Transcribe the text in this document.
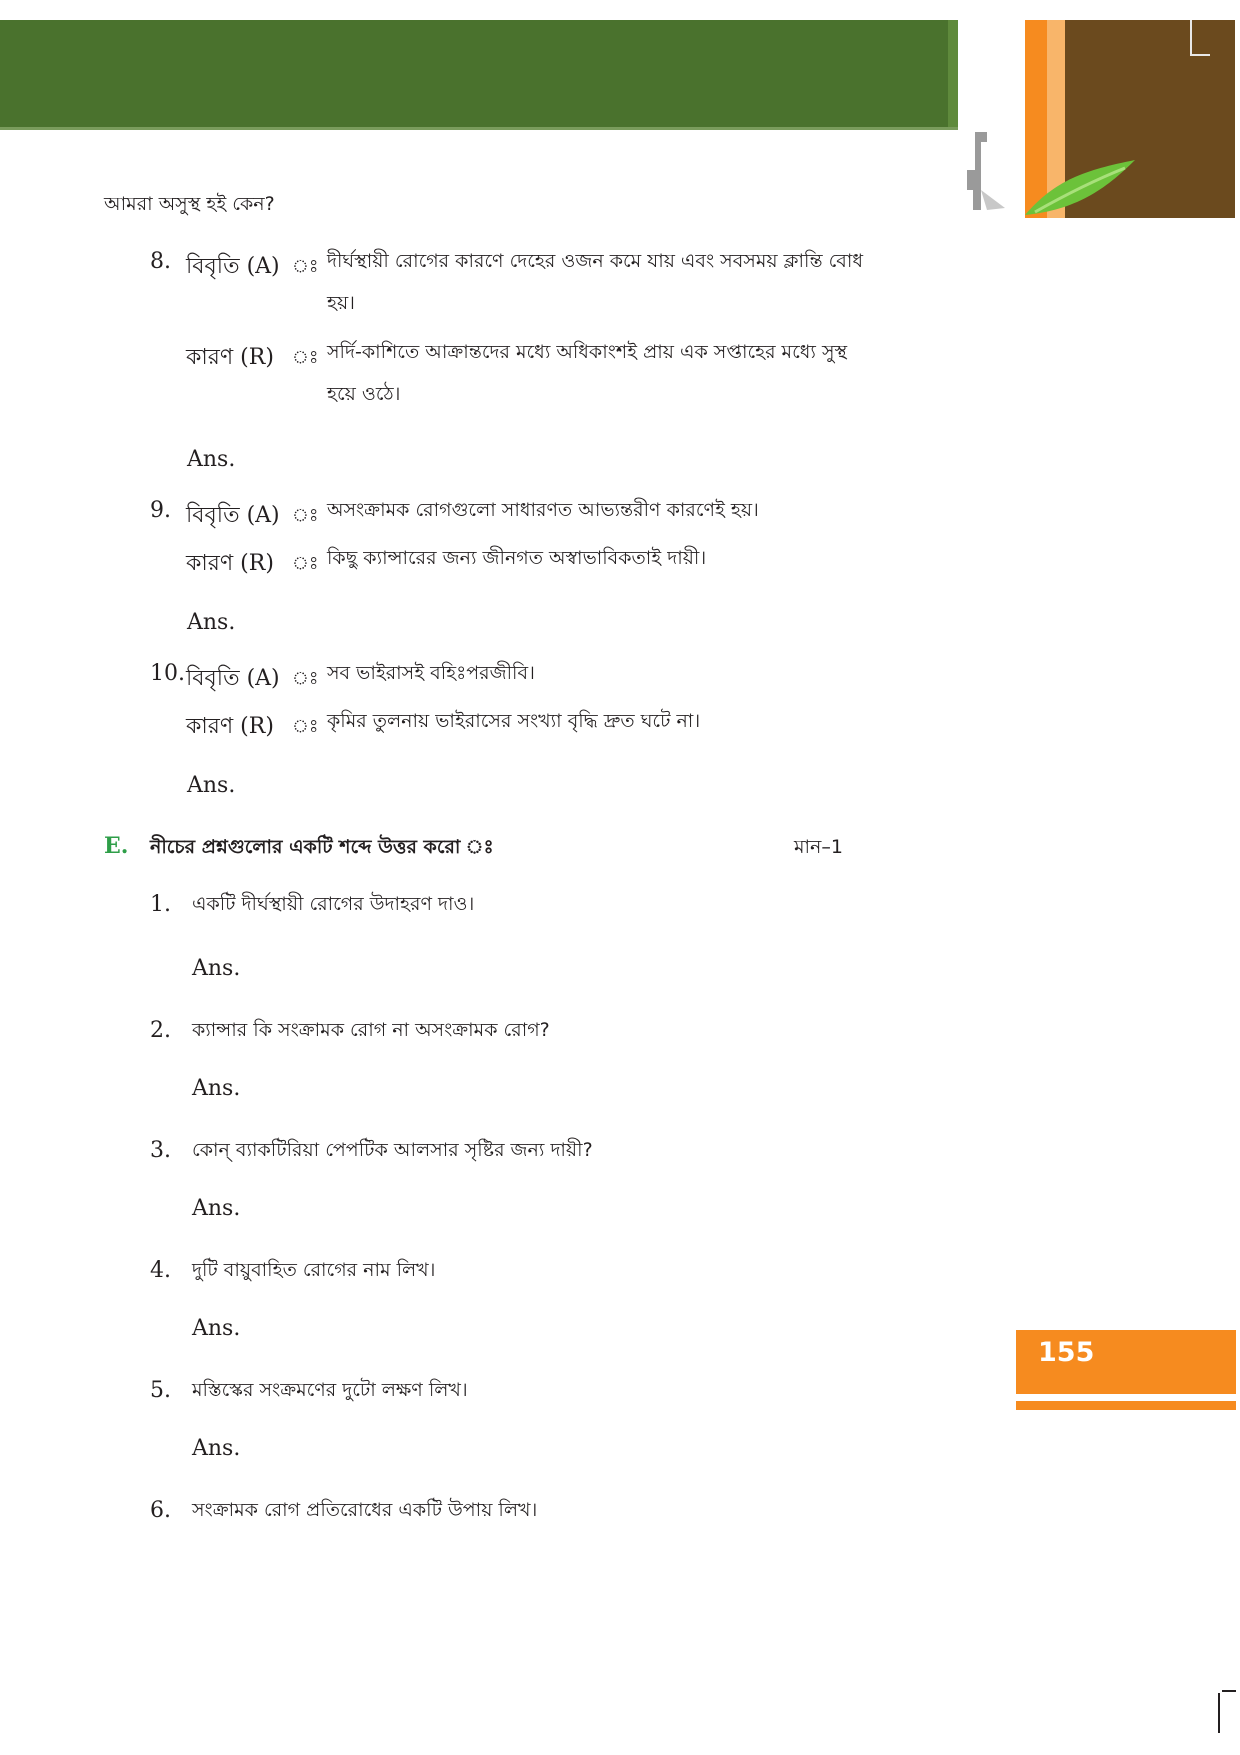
আমরা অসুস্থ হই কেন?
8. বিবৃতি (A) ঃ দীর্ঘস্থায়ী রোগের কারণে দেহের ওজন কমে যায় এবং সবসময় ক্লান্তি বোধ
হয়।
কারণ (R) ঃ সর্দি-কাশিতে আক্রান্তদের মধ্যে অধিকাংশই প্রায় এক সপ্তাহের মধ্যে সুস্থ
হয়ে ওঠে।
Ans.
9. বিবৃতি (A) ঃ অসংক্রামক রোগগুলো সাধারণত আভ্যন্তরীণ কারণেই হয়।
কারণ (R) ঃ কিছু ক্যান্সারের জন্য জীনগত অস্বাভাবিকতাই দায়ী।
Ans.
10. বিবৃতি (A) ঃ সব ভাইরাসই বহিঃপরজীবি।
কারণ (R) ঃ কৃমির তুলনায় ভাইরাসের সংখ্যা বৃদ্ধি দ্রুত ঘটে না।
Ans.
E. নীচের প্রশ্নগুলোর একটি শব্দে উত্তর করো ঃ	মান–1
1. একটি দীর্ঘস্থায়ী রোগের উদাহরণ দাও।
Ans.
2. ক্যান্সার কি সংক্রামক রোগ না অসংক্রামক রোগ?
Ans.
3. কোন্ ব্যাকটিরিয়া পেপটিক আলসার সৃষ্টির জন্য দায়ী?
Ans.
4. দুটি বায়ুবাহিত রোগের নাম লিখ।
Ans.
5. মস্তিস্কের সংক্রমণের দুটো লক্ষণ লিখ।
Ans.
6. সংক্রামক রোগ প্রতিরোধের একটি উপায় লিখ।
155
